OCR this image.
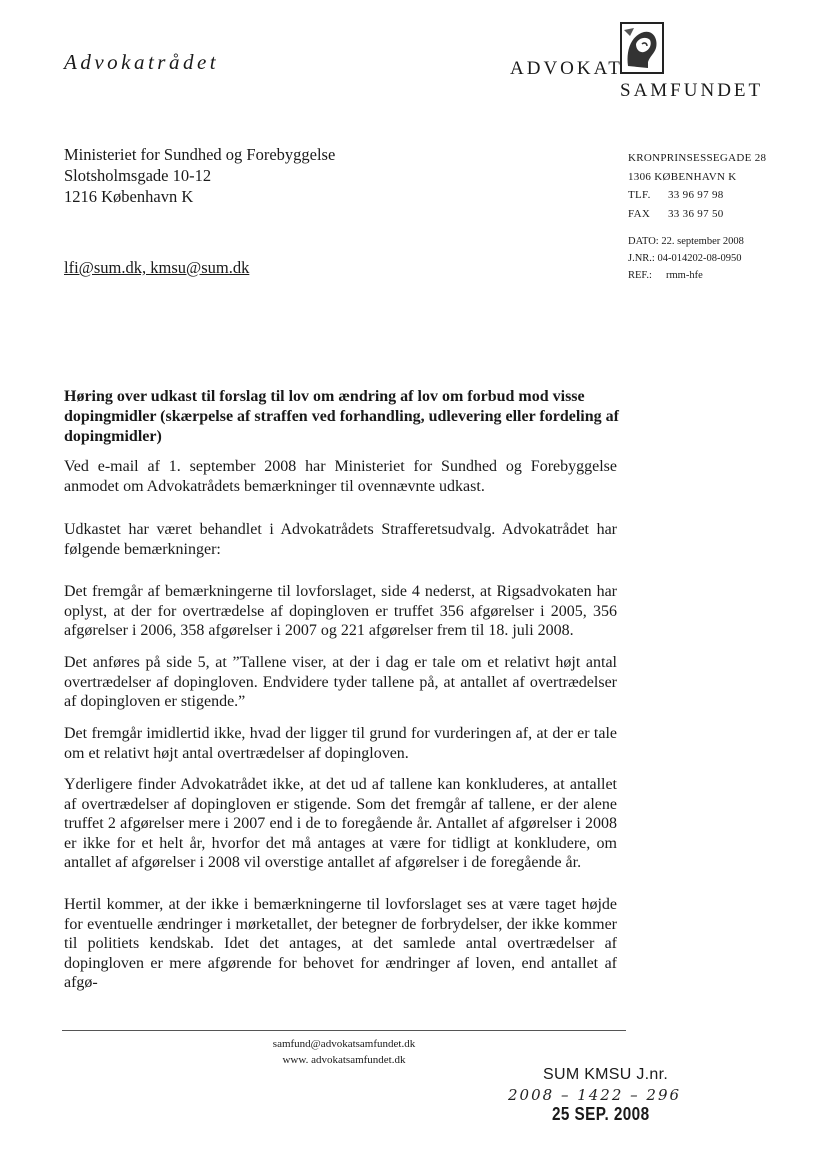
Advokatrådet	ADVOKAT
SAMFUNDET
Ministeriet for Sundhed og Forebyggelse
Slotsholmsgade 10-12
1216 København K
lfi@sum.dk, kmsu@sum.dk
KRONPRINSESSEGADE 28
1306 KØBENHAVN K
TLF. 33 96 97 98
FAX 33 36 97 50
DATO: 22. september 2008
J.NR.: 04-014202-08-0950
REF.: rmm-hfe
Høring over udkast til forslag til lov om ændring af lov om forbud mod visse dopingmidler (skærpelse af straffen ved forhandling, udlevering eller fordeling af dopingmidler)
Ved e-mail af 1. september 2008 har Ministeriet for Sundhed og Forebyggelse anmodet om Advokatrådets bemærkninger til ovennævnte udkast.
Udkastet har været behandlet i Advokatrådets Strafferetsudvalg. Advokatrådet har følgende bemærkninger:
Det fremgår af bemærkningerne til lovforslaget, side 4 nederst, at Rigsadvokaten har oplyst, at der for overtrædelse af dopingloven er truffet 356 afgørelser i 2005, 356 afgørelser i 2006, 358 afgørelser i 2007 og 221 afgørelser frem til 18. juli 2008.
Det anføres på side 5, at ”Tallene viser, at der i dag er tale om et relativt højt antal overtrædelser af dopingloven. Endvidere tyder tallene på, at antallet af overtrædelser af dopingloven er stigende.”
Det fremgår imidlertid ikke, hvad der ligger til grund for vurderingen af, at der er tale om et relativt højt antal overtrædelser af dopingloven.
Yderligere finder Advokatrådet ikke, at det ud af tallene kan konkluderes, at antallet af overtrædelser af dopingloven er stigende. Som det fremgår af tallene, er der alene truffet 2 afgørelser mere i 2007 end i de to foregående år. Antallet af afgørelser i 2008 er ikke for et helt år, hvorfor det må antages at være for tidligt at konkludere, om antallet af afgørelser i 2008 vil overstige antallet af afgørelser i de foregående år.
Hertil kommer, at der ikke i bemærkningerne til lovforslaget ses at være taget højde for eventuelle ændringer i mørketallet, der betegner de forbrydelser, der ikke kommer til politiets kendskab. Idet det antages, at det samlede antal overtrædelser af dopingloven er mere afgørende for behovet for ændringer af loven, end antallet af afgø-
samfund@advokatsamfundet.dk
www. advokatsamfundet.dk
SUM KMSU J.nr.
2008 – 1422 – 296
25 SEP. 2008
